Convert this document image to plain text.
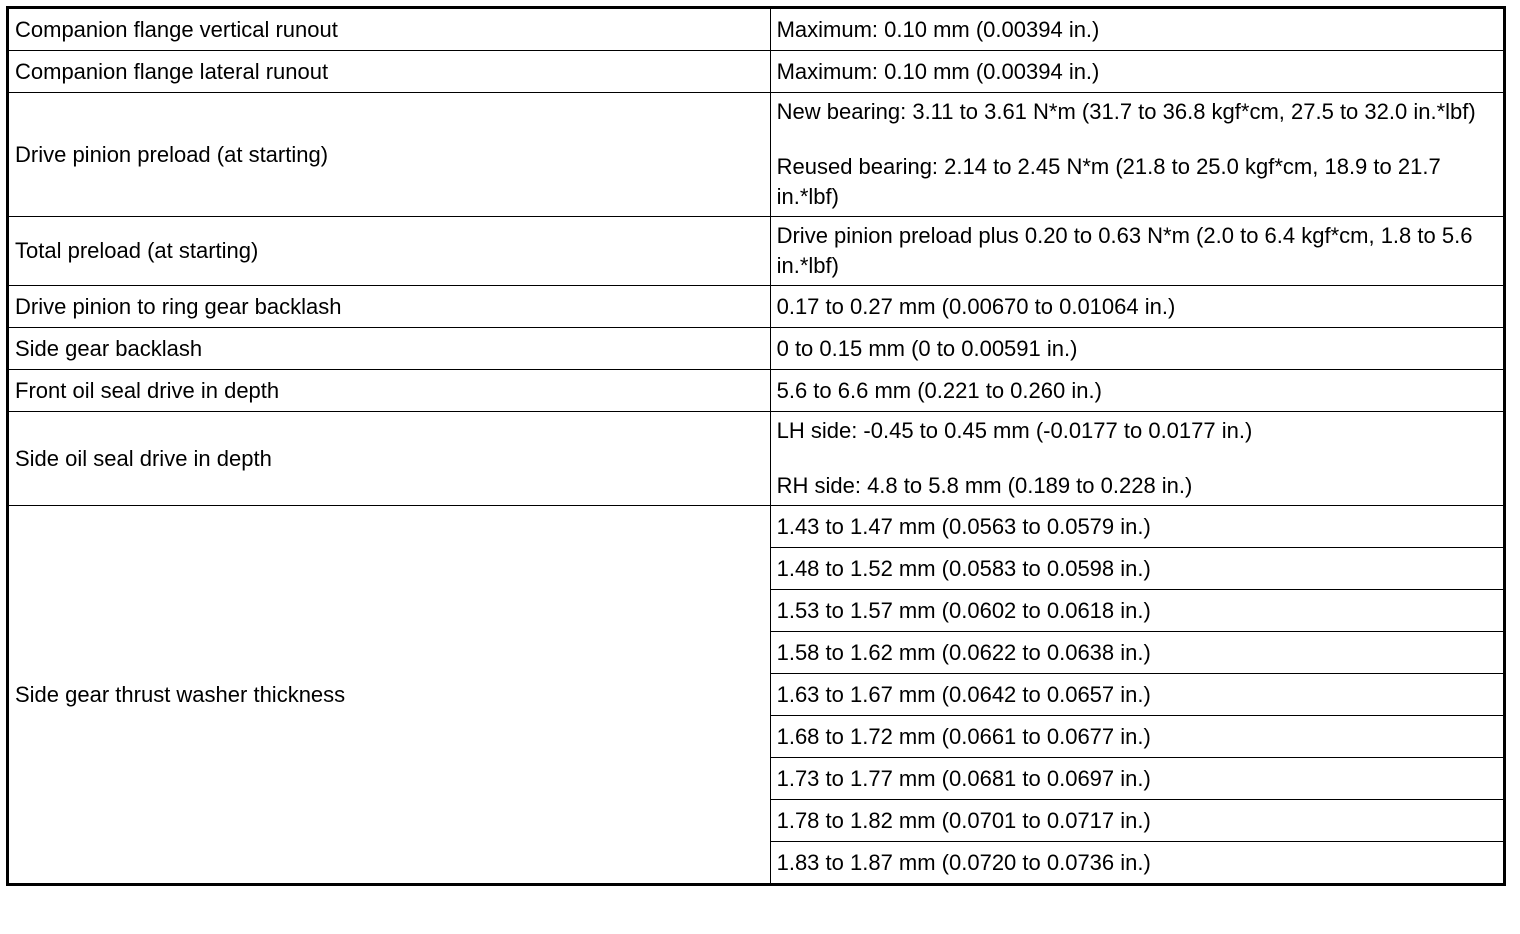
Companion flange vertical runout	Maximum: 0.10 mm (0.00394 in.)
Companion flange lateral runout	Maximum: 0.10 mm (0.00394 in.)
Drive pinion preload (at starting)	New bearing: 3.11 to 3.61 N*m (31.7 to 36.8 kgf*cm, 27.5 to 32.0 in.*lbf)
Reused bearing: 2.14 to 2.45 N*m (21.8 to 25.0 kgf*cm, 18.9 to 21.7 in.*lbf)

Total preload (at starting)	Drive pinion preload plus 0.20 to 0.63 N*m (2.0 to 6.4 kgf*cm, 1.8 to 5.6 in.*lbf)
Drive pinion to ring gear backlash	0.17 to 0.27 mm (0.00670 to 0.01064 in.)
Side gear backlash	0 to 0.15 mm (0 to 0.00591 in.)
Front oil seal drive in depth	5.6 to 6.6 mm (0.221 to 0.260 in.)
Side oil seal drive in depth	LH side: -0.45 to 0.45 mm (-0.0177 to 0.0177 in.)
RH side: 4.8 to 5.8 mm (0.189 to 0.228 in.)

Side gear thrust washer thickness	1.43 to 1.47 mm (0.0563 to 0.0579 in.)
	1.48 to 1.52 mm (0.0583 to 0.0598 in.)
	1.53 to 1.57 mm (0.0602 to 0.0618 in.)
	1.58 to 1.62 mm (0.0622 to 0.0638 in.)
	1.63 to 1.67 mm (0.0642 to 0.0657 in.)
	1.68 to 1.72 mm (0.0661 to 0.0677 in.)
	1.73 to 1.77 mm (0.0681 to 0.0697 in.)
	1.78 to 1.82 mm (0.0701 to 0.0717 in.)
	1.83 to 1.87 mm (0.0720 to 0.0736 in.)
